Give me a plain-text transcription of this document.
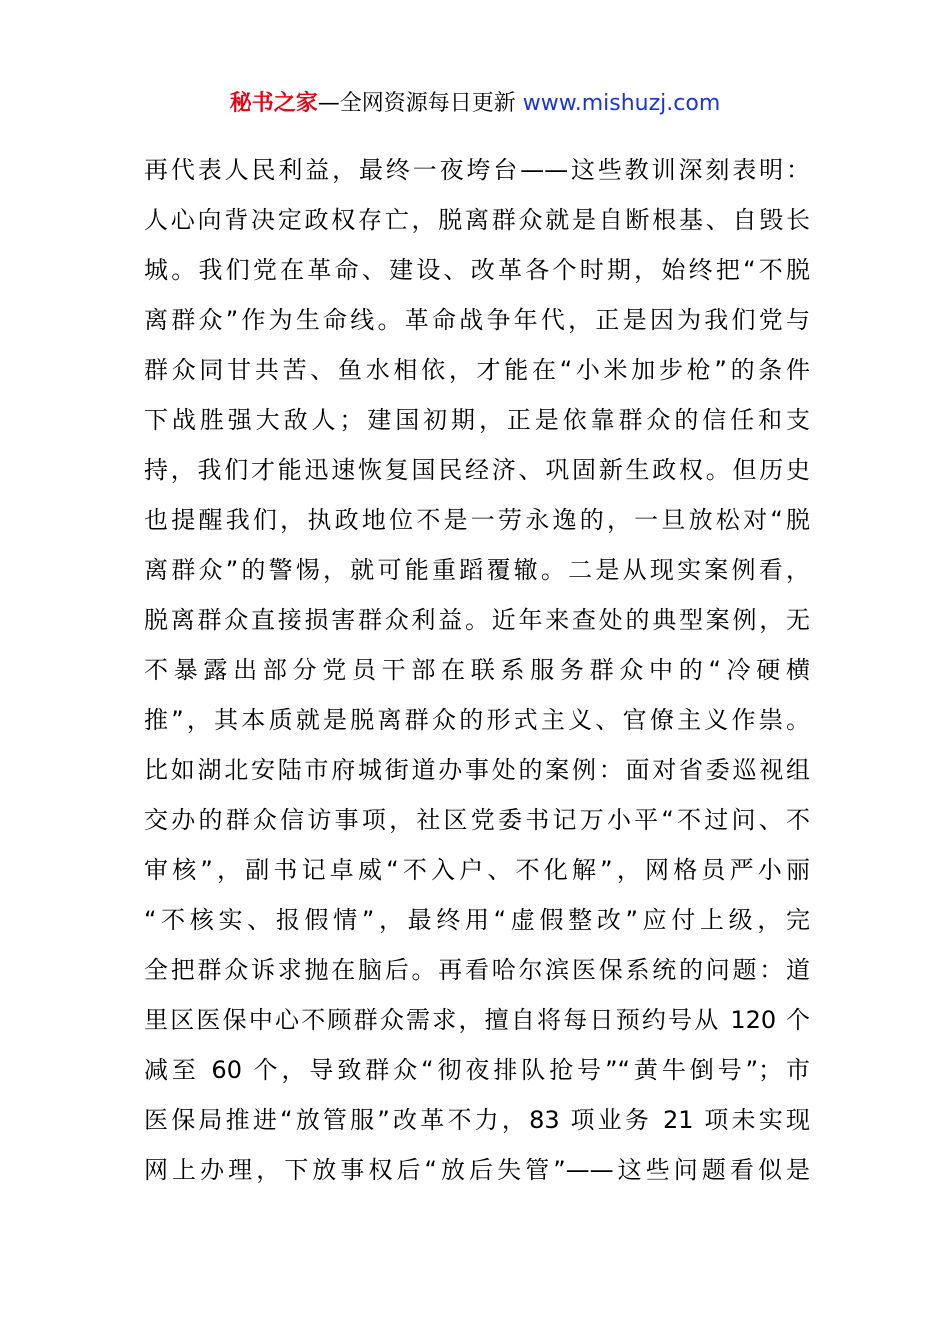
秘书之家—全网资源每日更新 www.mishuzj.com
再代表人民利益，最终一夜垮台——这些教训深刻表明：
人心向背决定政权存亡，脱离群众就是自断根基、自毁长
城。我们党在革命、建设、改革各个时期，始终把“不脱
离群众”作为生命线。革命战争年代，正是因为我们党与
群众同甘共苦、鱼水相依，才能在“小米加步枪”的条件
下战胜强大敌人；建国初期，正是依靠群众的信任和支
持，我们才能迅速恢复国民经济、巩固新生政权。但历史
也提醒我们，执政地位不是一劳永逸的，一旦放松对“脱
离群众”的警惕，就可能重蹈覆辙。二是从现实案例看，
脱离群众直接损害群众利益。近年来查处的典型案例，无
不暴露出部分党员干部在联系服务群众中的“冷硬横
推”，其本质就是脱离群众的形式主义、官僚主义作祟。
比如湖北安陆市府城街道办事处的案例：面对省委巡视组
交办的群众信访事项，社区党委书记万小平“不过问、不
审核”，副书记卓威“不入户、不化解”，网格员严小丽
“不核实、报假情”，最终用“虚假整改”应付上级，完
全把群众诉求抛在脑后。再看哈尔滨医保系统的问题：道
里区医保中心不顾群众需求，擅自将每日预约号从 120 个
减至 60 个，导致群众“彻夜排队抢号”“黄牛倒号”；市
医保局推进“放管服”改革不力，83 项业务 21 项未实现
网上办理，下放事权后“放后失管”——这些问题看似是
